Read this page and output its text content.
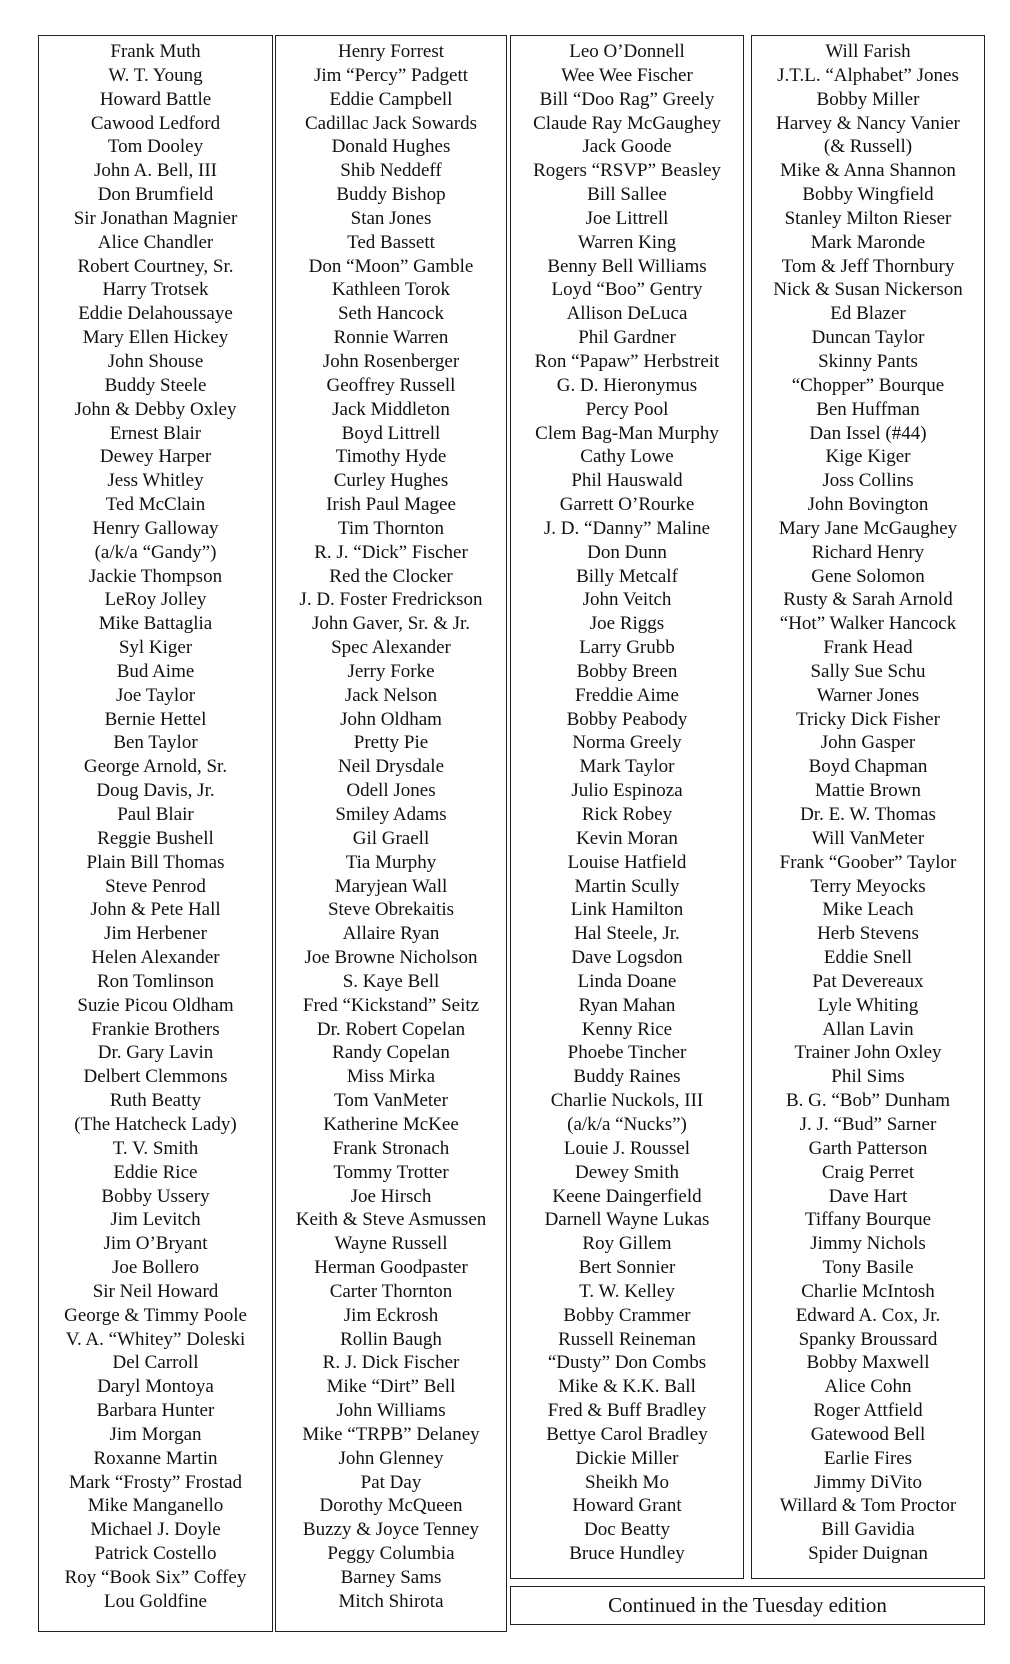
Frank Muth
W. T. Young
Howard Battle
Cawood Ledford
Tom Dooley
John A. Bell, III
Don Brumfield
Sir Jonathan Magnier
Alice Chandler
Robert Courtney, Sr.
Harry Trotsek
Eddie Delahoussaye
Mary Ellen Hickey
John Shouse
Buddy Steele
John & Debby Oxley
Ernest Blair
Dewey Harper
Jess Whitley
Ted McClain
Henry Galloway
(a/k/a “Gandy”)
Jackie Thompson
LeRoy Jolley
Mike Battaglia
Syl Kiger
Bud Aime
Joe Taylor
Bernie Hettel
Ben Taylor
George Arnold, Sr.
Doug Davis, Jr.
Paul Blair
Reggie Bushell
Plain Bill Thomas
Steve Penrod
John & Pete Hall
Jim Herbener
Helen Alexander
Ron Tomlinson
Suzie Picou Oldham
Frankie Brothers
Dr. Gary Lavin
Delbert Clemmons
Ruth Beatty
(The Hatcheck Lady)
T. V. Smith
Eddie Rice
Bobby Ussery
Jim Levitch
Jim O’Bryant
Joe Bollero
Sir Neil Howard
George & Timmy Poole
V. A. “Whitey” Doleski
Del Carroll
Daryl Montoya
Barbara Hunter
Jim Morgan
Roxanne Martin
Mark “Frosty” Frostad
Mike Manganello
Michael J. Doyle
Patrick Costello
Roy “Book Six” Coffey
Lou Goldfine
Henry Forrest
Jim “Percy” Padgett
Eddie Campbell
Cadillac Jack Sowards
Donald Hughes
Shib Neddeff
Buddy Bishop
Stan Jones
Ted Bassett
Don “Moon” Gamble
Kathleen Torok
Seth Hancock
Ronnie Warren
John Rosenberger
Geoffrey Russell
Jack Middleton
Boyd Littrell
Timothy Hyde
Curley Hughes
Irish Paul Magee
Tim Thornton
R. J. “Dick” Fischer
Red the Clocker
J. D. Foster Fredrickson
John Gaver, Sr. & Jr.
Spec Alexander
Jerry Forke
Jack Nelson
John Oldham
Pretty Pie
Neil Drysdale
Odell Jones
Smiley Adams
Gil Graell
Tia Murphy
Maryjean Wall
Steve Obrekaitis
Allaire Ryan
Joe Browne Nicholson
S. Kaye Bell
Fred “Kickstand” Seitz
Dr. Robert Copelan
Randy Copelan
Miss Mirka
Tom VanMeter
Katherine McKee
Frank Stronach
Tommy Trotter
Joe Hirsch
Keith & Steve Asmussen
Wayne Russell
Herman Goodpaster
Carter Thornton
Jim Eckrosh
Rollin Baugh
R. J. Dick Fischer
Mike “Dirt” Bell
John Williams
Mike “TRPB” Delaney
John Glenney
Pat Day
Dorothy McQueen
Buzzy & Joyce Tenney
Peggy Columbia
Barney Sams
Mitch Shirota
Leo O’Donnell
Wee Wee Fischer
Bill “Doo Rag” Greely
Claude Ray McGaughey
Jack Goode
Rogers “RSVP” Beasley
Bill Sallee
Joe Littrell
Warren King
Benny Bell Williams
Loyd “Boo” Gentry
Allison DeLuca
Phil Gardner
Ron “Papaw” Herbstreit
G. D. Hieronymus
Percy Pool
Clem Bag-Man Murphy
Cathy Lowe
Phil Hauswald
Garrett O’Rourke
J. D. “Danny” Maline
Don Dunn
Billy Metcalf
John Veitch
Joe Riggs
Larry Grubb
Bobby Breen
Freddie Aime
Bobby Peabody
Norma Greely
Mark Taylor
Julio Espinoza
Rick Robey
Kevin Moran
Louise Hatfield
Martin Scully
Link Hamilton
Hal Steele, Jr.
Dave Logsdon
Linda Doane
Ryan Mahan
Kenny Rice
Phoebe Tincher
Buddy Raines
Charlie Nuckols, III
(a/k/a “Nucks”)
Louie J. Roussel
Dewey Smith
Keene Daingerfield
Darnell Wayne Lukas
Roy Gillem
Bert Sonnier
T. W. Kelley
Bobby Crammer
Russell Reineman
“Dusty” Don Combs
Mike & K.K. Ball
Fred & Buff Bradley
Bettye Carol Bradley
Dickie Miller
Sheikh Mo
Howard Grant
Doc Beatty
Bruce Hundley
Will Farish
J.T.L. “Alphabet” Jones
Bobby Miller
Harvey & Nancy Vanier
(& Russell)
Mike & Anna Shannon
Bobby Wingfield
Stanley Milton Rieser
Mark Maronde
Tom & Jeff Thornbury
Nick & Susan Nickerson
Ed Blazer
Duncan Taylor
Skinny Pants
“Chopper” Bourque
Ben Huffman
Dan Issel (#44)
Kige Kiger
Joss Collins
John Bovington
Mary Jane McGaughey
Richard Henry
Gene Solomon
Rusty & Sarah Arnold
“Hot” Walker Hancock
Frank Head
Sally Sue Schu
Warner Jones
Tricky Dick Fisher
John Gasper
Boyd Chapman
Mattie Brown
Dr. E. W. Thomas
Will VanMeter
Frank “Goober” Taylor
Terry Meyocks
Mike Leach
Herb Stevens
Eddie Snell
Pat Devereaux
Lyle Whiting
Allan Lavin
Trainer John Oxley
Phil Sims
B. G. “Bob” Dunham
J. J. “Bud” Sarner
Garth Patterson
Craig Perret
Dave Hart
Tiffany Bourque
Jimmy Nichols
Tony Basile
Charlie McIntosh
Edward A. Cox, Jr.
Spanky Broussard
Bobby Maxwell
Alice Cohn
Roger Attfield
Gatewood Bell
Earlie Fires
Jimmy DiVito
Willard & Tom Proctor
Bill Gavidia
Spider Duignan
Continued in the Tuesday edition
